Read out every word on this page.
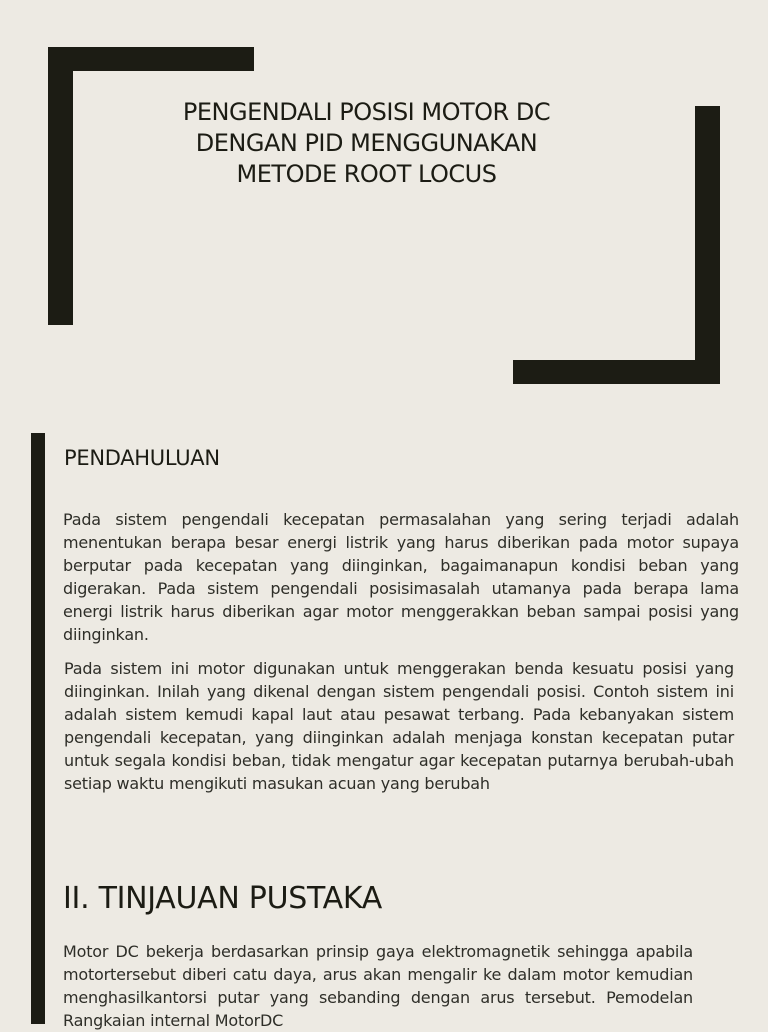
PENGENDALI POSISI MOTOR DC
DENGAN PID MENGGUNAKAN
METODE ROOT LOCUS
PENDAHULUAN
Pada sistem pengendali kecepatan permasalahan yang sering terjadi adalah menentukan berapa besar energi listrik yang harus diberikan pada motor supaya berputar pada kecepatan yang diinginkan, bagaimanapun kondisi beban yang digerakan. Pada sistem pengendali posisimasalah utamanya pada berapa lama energi listrik harus diberikan agar motor menggerakkan beban sampai posisi yang diinginkan.
Pada sistem ini motor digunakan untuk menggerakan benda kesuatu posisi yang diinginkan. Inilah yang dikenal dengan sistem pengendali posisi. Contoh sistem ini adalah sistem kemudi kapal laut atau pesawat terbang. Pada kebanyakan sistem pengendali kecepatan, yang diinginkan adalah menjaga konstan kecepatan putar untuk segala kondisi beban, tidak mengatur agar kecepatan putarnya berubah-ubah setiap waktu mengikuti masukan acuan yang berubah
II. TINJAUAN PUSTAKA
Motor DC bekerja berdasarkan prinsip gaya elektromagnetik sehingga apabila motortersebut diberi catu daya, arus akan mengalir ke dalam motor kemudian menghasilkantorsi putar yang sebanding dengan arus tersebut. Pemodelan Rangkaian internal MotorDC
